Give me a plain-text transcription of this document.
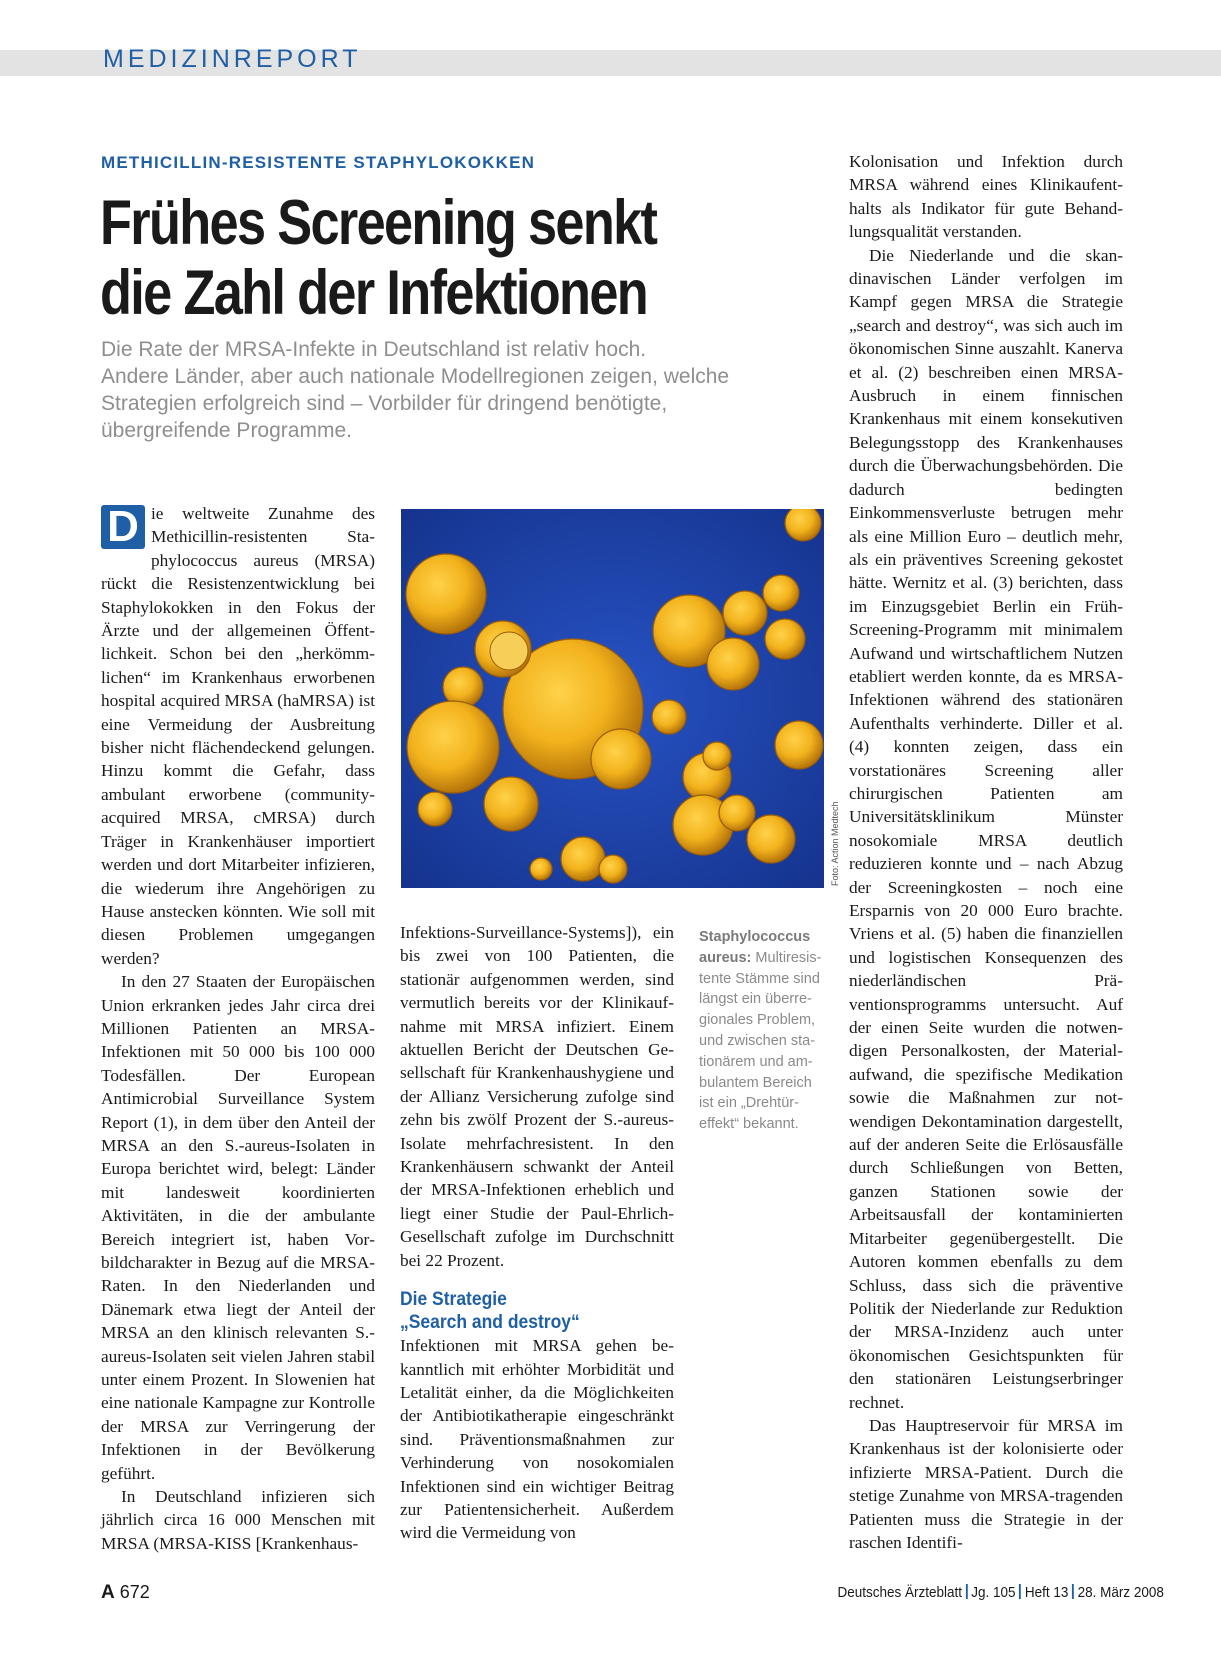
MEDIZINREPORT
METHICILLIN-RESISTENTE STAPHYLOKOKKEN
Frühes Screening senkt
die Zahl der Infektionen
Die Rate der MRSA-Infekte in Deutschland ist relativ hoch.
Andere Länder, aber auch nationale Modellregionen zeigen, welche
Strategien erfolgreich sind – Vorbilder für dringend benötigte,
übergreifende Programme.

D ie weltweite Zunahme des Methicillin-resistenten Staphylococcus aureus (MRSA) rückt die Resistenzentwicklung bei Staphylokokken in den Fokus der Ärzte und der allgemeinen Öffentlichkeit. Schon bei den „herkömmlichen“ im Krankenhaus erworbenen hospital acquired MRSA (haMRSA) ist eine Vermeidung der Ausbreitung bisher nicht flächendeckend gelungen. Hinzu kommt die Gefahr, dass ambulant erworbene (community-acquired MRSA, cMRSA) durch Träger in Krankenhäuser importiert werden und dort Mitarbeiter infizieren, die wiederum ihre Angehörigen zu Hause anstecken könnten. Wie soll mit diesen Problemen umgegangen werden?

In den 27 Staaten der Europäischen Union erkranken jedes Jahr circa drei Millionen Patienten an MRSA-Infektionen mit 50 000 bis 100 000 Todesfällen. Der European Antimicrobial Surveillance System Report (1), in dem über den Anteil der MRSA an den S.-aureus-Isolaten in Europa berichtet wird, belegt: Länder mit landesweit koordinierten Aktivitäten, in die der ambulante Bereich integriert ist, haben Vorbildcharakter in Bezug auf die MRSA-Raten. In den Niederlanden und Dänemark etwa liegt der Anteil der MRSA an den klinisch relevanten S.-aureus-Isolaten seit vielen Jahren stabil unter einem Prozent. In Slowenien hat eine nationale Kampagne zur Kontrolle der MRSA zur Verringerung der Infektionen in der Bevölkerung geführt.

In Deutschland infizieren sich jährlich circa 16 000 Menschen mit MRSA (MRSA-KISS [Krankenhaus-

Foto: Action Medtech
Staphylococcus
aureus: Multiresis-
tente Stämme sind
längst ein überre-
gionales Problem,
und zwischen sta-
tionärem und am-
bulantem Bereich
ist ein „Drehtür-
effekt“ bekannt.

Infektions-Surveillance-Systems]), ein bis zwei von 100 Patienten, die stationär aufgenommen werden, sind vermutlich bereits vor der Klinikaufnahme mit MRSA infiziert. Einem aktuellen Bericht der Deutschen Gesellschaft für Krankenhaushygiene und der Allianz Versicherung zufolge sind zehn bis zwölf Prozent der S.-aureus-Isolate mehrfachresistent. In den Krankenhäusern schwankt der Anteil der MRSA-Infektionen erheblich und liegt einer Studie der Paul-Ehrlich-Gesellschaft zufolge im Durchschnitt bei 22 Prozent.

Die Strategie
„Search and destroy“

Infektionen mit MRSA gehen bekanntlich mit erhöhter Morbidität und Letalität einher, da die Möglichkeiten der Antibiotikatherapie eingeschränkt sind. Präventionsmaßnahmen zur Verhinderung von nosokomialen Infektionen sind ein wichtiger Beitrag zur Patientensicherheit. Außerdem wird die Vermeidung von

Kolonisation und Infektion durch MRSA während eines Klinikaufenthalts als Indikator für gute Behandlungsqualität verstanden.

Die Niederlande und die skandinavischen Länder verfolgen im Kampf gegen MRSA die Strategie „search and destroy“, was sich auch im ökonomischen Sinne auszahlt. Kanerva et al. (2) beschreiben einen MRSA-Ausbruch in einem finnischen Krankenhaus mit einem konsekutiven Belegungsstopp des Krankenhauses durch die Überwachungsbehörden. Die dadurch bedingten Einkommensverluste betrugen mehr als eine Million Euro – deutlich mehr, als ein präventives Screening gekostet hätte. Wernitz et al. (3) berichten, dass im Einzugsgebiet Berlin ein Früh-Screening-Programm mit minimalem Aufwand und wirtschaftlichem Nutzen etabliert werden konnte, da es MRSA-Infektionen während des stationären Aufenthalts verhinderte. Diller et al. (4) konnten zeigen, dass ein vorstationäres Screening aller chirurgischen Patienten am Universitätsklinikum Münster nosokomiale MRSA deutlich reduzieren konnte und – nach Abzug der Screeningkosten – noch eine Ersparnis von 20 000 Euro brachte. Vriens et al. (5) haben die finanziellen und logistischen Konsequenzen des niederländischen Präventionsprogramms untersucht. Auf der einen Seite wurden die notwendigen Personalkosten, der Materialaufwand, die spezifische Medikation sowie die Maßnahmen zur notwendigen Dekontamination dargestellt, auf der anderen Seite die Erlösausfälle durch Schließungen von Betten, ganzen Stationen sowie der Arbeitsausfall der kontaminierten Mitarbeiter gegenübergestellt. Die Autoren kommen ebenfalls zu dem Schluss, dass sich die präventive Politik der Niederlande zur Reduktion der MRSA-Inzidenz auch unter ökonomischen Gesichtspunkten für den stationären Leistungserbringer rechnet.

Das Hauptreservoir für MRSA im Krankenhaus ist der kolonisierte oder infizierte MRSA-Patient. Durch die stetige Zunahme von MRSA-tragenden Patienten muss die Strategie in der raschen Identifi-

A 672	Deutsches Ärzteblatt Jg. 105 Heft 13 28. März 2008
